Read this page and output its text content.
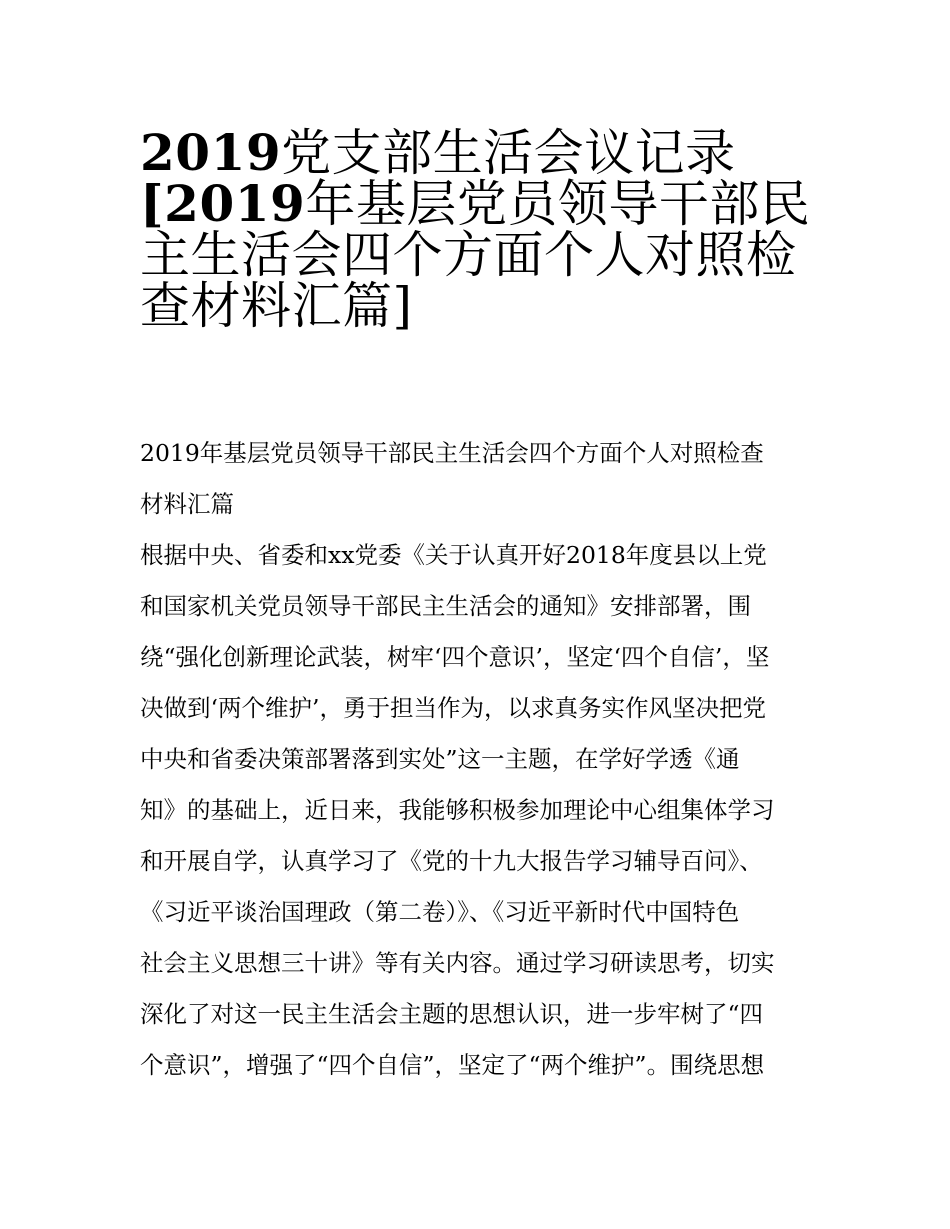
2019党支部生活会议记录
[2019年基层党员领导干部民
主生活会四个方面个人对照检
查材料汇篇]
2019年基层党员领导干部民主生活会四个方面个人对照检查
材料汇篇
根据中央、省委和xx党委《关于认真开好2018年度县以上党
和国家机关党员领导干部民主生活会的通知》安排部署，围
绕“强化创新理论武装，树牢‘四个意识’，坚定‘四个自信’，坚
决做到‘两个维护’，勇于担当作为，以求真务实作风坚决把党
中央和省委决策部署落到实处”这一主题，在学好学透《通
知》的基础上，近日来，我能够积极参加理论中心组集体学习
和开展自学，认真学习了《党的十九大报告学习辅导百问》、
《习近平谈治国理政（第二卷）》、《习近平新时代中国特色
社会主义思想三十讲》等有关内容。通过学习研读思考，切实
深化了对这一民主生活会主题的思想认识，进一步牢树了“四
个意识”，增强了“四个自信”，坚定了“两个维护”。围绕思想
